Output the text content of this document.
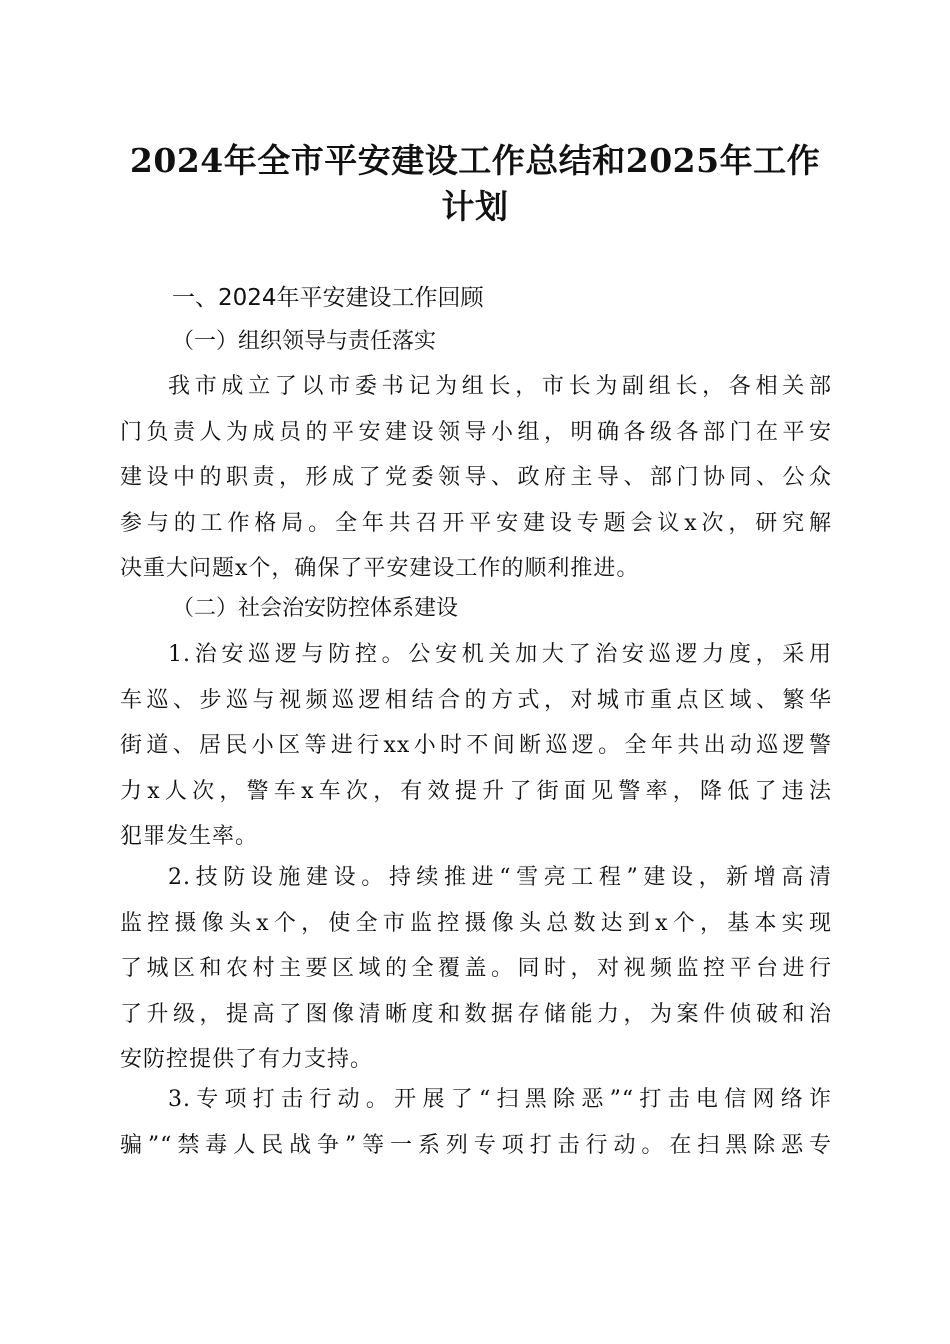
2024年全市平安建设工作总结和2025年工作
计划
一、2024年平安建设工作回顾
（一）组织领导与责任落实

我市成立了以市委书记为组长，市长为副组长，各相关部
门负责人为成员的平安建设领导小组，明确各级各部门在平安
建设中的职责，形成了党委领导、政府主导、部门协同、公众
参与的工作格局。全年共召开平安建设专题会议x次，研究解
决重大问题x个，确保了平安建设工作的顺利推进。

（二）社会治安防控体系建设

1.治安巡逻与防控。公安机关加大了治安巡逻力度，采用
车巡、步巡与视频巡逻相结合的方式，对城市重点区域、繁华
街道、居民小区等进行xx小时不间断巡逻。全年共出动巡逻警
力x人次，警车x车次，有效提升了街面见警率，降低了违法
犯罪发生率。

2.技防设施建设。持续推进“雪亮工程”建设，新增高清
监控摄像头x个，使全市监控摄像头总数达到x个，基本实现
了城区和农村主要区域的全覆盖。同时，对视频监控平台进行
了升级，提高了图像清晰度和数据存储能力，为案件侦破和治
安防控提供了有力支持。

3.专项打击行动。开展了“扫黑除恶”“打击电信网络诈
骗”“禁毒人民战争”等一系列专项打击行动。在扫黑除恶专
